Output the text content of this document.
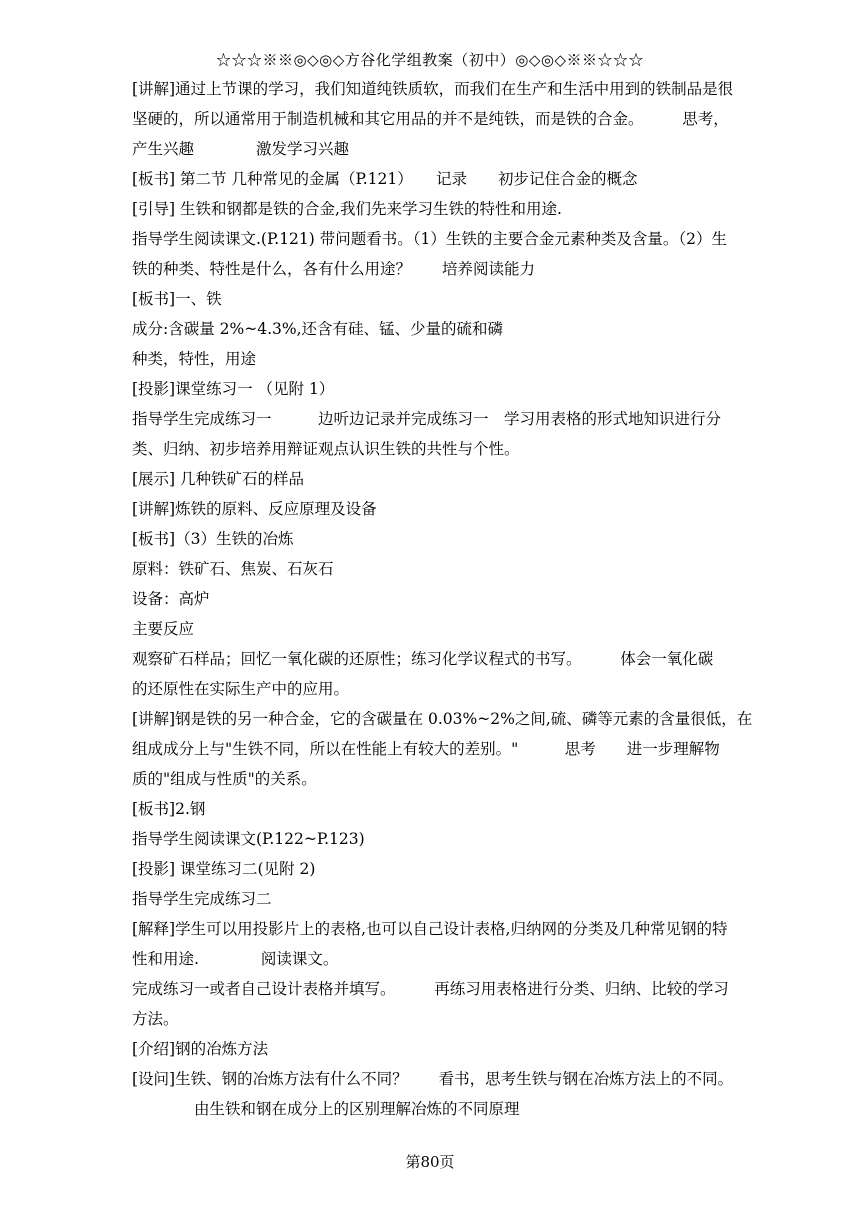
☆☆☆※※◎◇◎◇方谷化学组教案（初中）◎◇◎◇※※☆☆☆
[讲解]通过上节课的学习，我们知道纯铁质软，而我们在生产和生活中用到的铁制品是很
坚硬的，所以通常用于制造机械和其它用品的并不是纯铁，而是铁的合金。　　　思考，
产生兴趣　　　　激发学习兴趣
[板书] 第二节 几种常见的金属（P.121）　　记录　　初步记住合金的概念
[引导] 生铁和钢都是铁的合金,我们先来学习生铁的特性和用途.
指导学生阅读课文.(P.121) 带问题看书。（1）生铁的主要合金元素种类及含量。（2）生
铁的种类、特性是什么，各有什么用途？　　培养阅读能力
[板书]一、铁
成分:含碳量 2%~4.3%,还含有硅、锰、少量的硫和磷
种类，特性，用途
[投影]课堂练习一 （见附 1）
指导学生完成练习一　　　边听边记录并完成练习一　学习用表格的形式地知识进行分
类、归纳、初步培养用辩证观点认识生铁的共性与个性。
[展示] 几种铁矿石的样品
[讲解]炼铁的原料、反应原理及设备
[板书]（3）生铁的冶炼
原料：铁矿石、焦炭、石灰石
设备：高炉
主要反应
观察矿石样品；回忆一氧化碳的还原性；练习化学议程式的书写。　　　体会一氧化碳
的还原性在实际生产中的应用。
[讲解]钢是铁的另一种合金，它的含碳量在 0.03%~2%之间,硫、磷等元素的含量很低，在
组成成分上与"生铁不同，所以在性能上有较大的差别。"　　　思考　　进一步理解物
质的"组成与性质"的关系。
[板书]2.钢
指导学生阅读课文(P.122~P.123)
[投影] 课堂练习二(见附 2)
指导学生完成练习二
[解释]学生可以用投影片上的表格,也可以自己设计表格,归纳网的分类及几种常见钢的特
性和用途.　　　　阅读课文。
完成练习一或者自己设计表格并填写。　　　再练习用表格进行分类、归纳、比较的学习
方法。
[介绍]钢的冶炼方法
[设问]生铁、钢的冶炼方法有什么不同？　　看书，思考生铁与钢在冶炼方法上的不同。
　　　　由生铁和钢在成分上的区别理解冶炼的不同原理
第80页
